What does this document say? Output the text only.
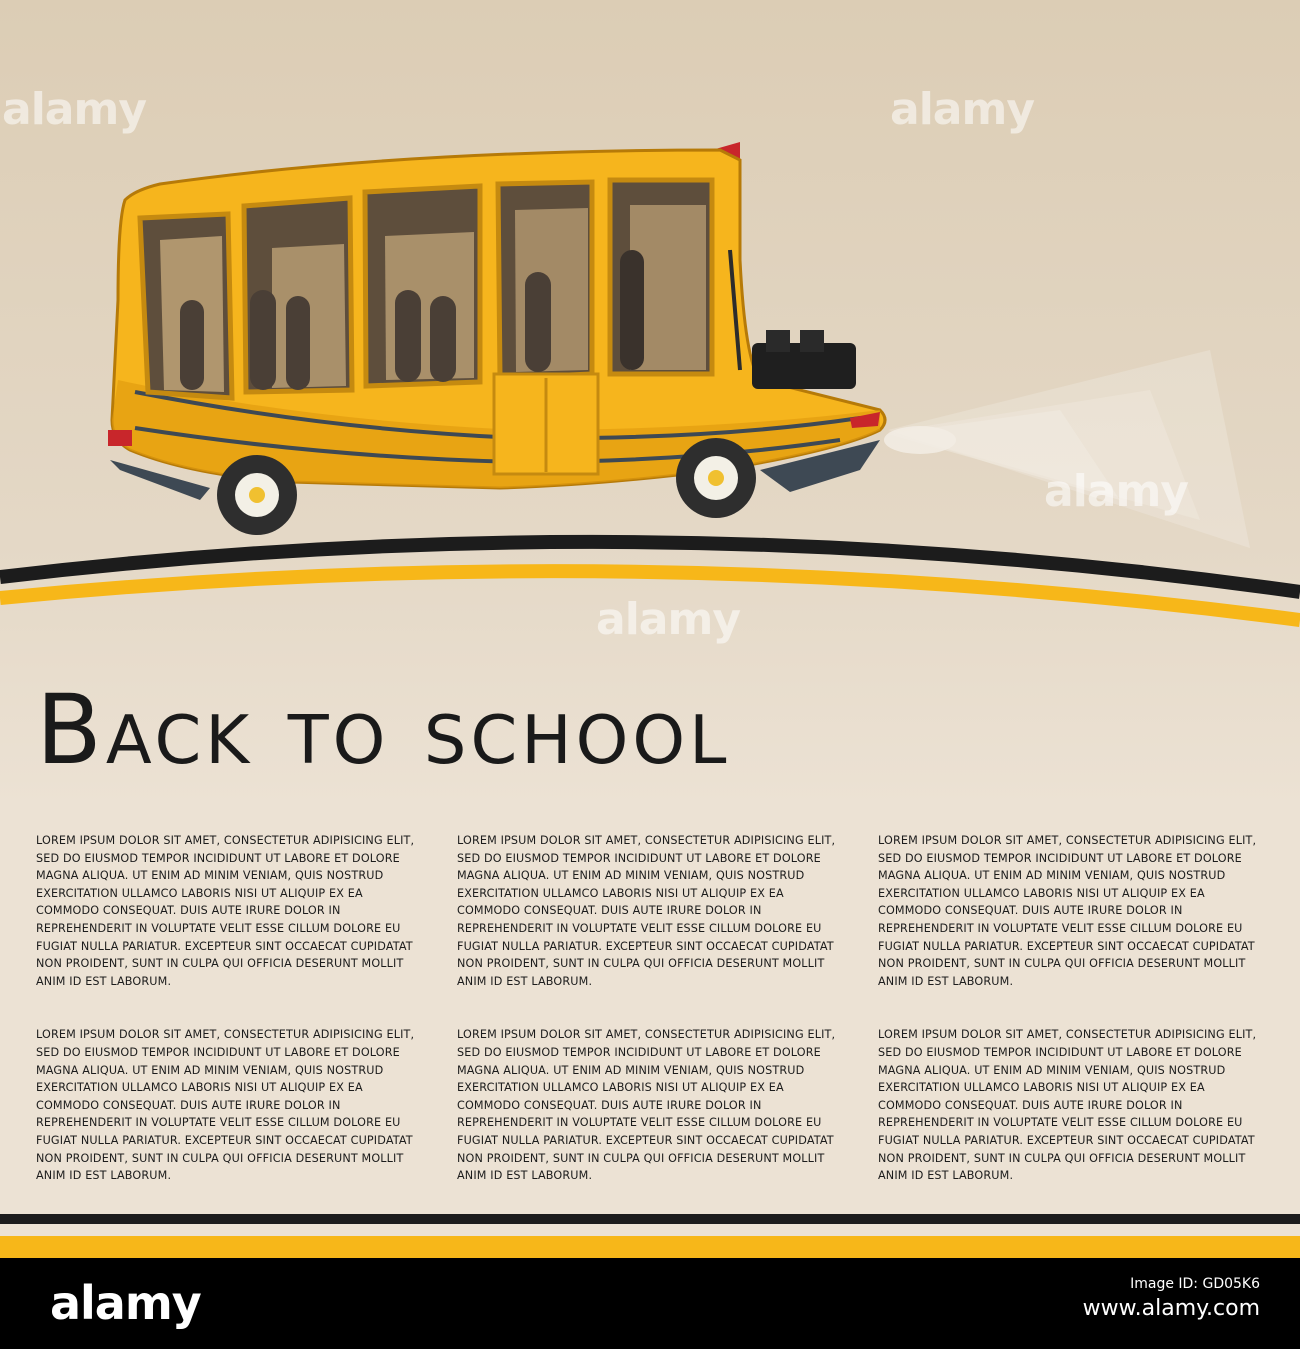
alamy	alamy
alamy
alamy
Back to school

LOREM IPSUM DOLOR SIT AMET, CONSECTETUR ADIPISICING ELIT, SED DO EIUSMOD TEMPOR INCIDIDUNT UT LABORE ET DOLORE MAGNA ALIQUA. UT ENIM AD MINIM VENIAM, QUIS NOSTRUD EXERCITATION ULLAMCO LABORIS NISI UT ALIQUIP EX EA COMMODO CONSEQUAT. DUIS AUTE IRURE DOLOR IN REPREHENDERIT IN VOLUPTATE VELIT ESSE CILLUM DOLORE EU FUGIAT NULLA PARIATUR. EXCEPTEUR SINT OCCAECAT CUPIDATAT NON PROIDENT, SUNT IN CULPA QUI OFFICIA DESERUNT MOLLIT ANIM ID EST LABORUM.

LOREM IPSUM DOLOR SIT AMET, CONSECTETUR ADIPISICING ELIT, SED DO EIUSMOD TEMPOR INCIDIDUNT UT LABORE ET DOLORE MAGNA ALIQUA. UT ENIM AD MINIM VENIAM, QUIS NOSTRUD EXERCITATION ULLAMCO LABORIS NISI UT ALIQUIP EX EA COMMODO CONSEQUAT. DUIS AUTE IRURE DOLOR IN REPREHENDERIT IN VOLUPTATE VELIT ESSE CILLUM DOLORE EU FUGIAT NULLA PARIATUR. EXCEPTEUR SINT OCCAECAT CUPIDATAT NON PROIDENT, SUNT IN CULPA QUI OFFICIA DESERUNT MOLLIT ANIM ID EST LABORUM.

LOREM IPSUM DOLOR SIT AMET, CONSECTETUR ADIPISICING ELIT, SED DO EIUSMOD TEMPOR INCIDIDUNT UT LABORE ET DOLORE MAGNA ALIQUA. UT ENIM AD MINIM VENIAM, QUIS NOSTRUD EXERCITATION ULLAMCO LABORIS NISI UT ALIQUIP EX EA COMMODO CONSEQUAT. DUIS AUTE IRURE DOLOR IN REPREHENDERIT IN VOLUPTATE VELIT ESSE CILLUM DOLORE EU FUGIAT NULLA PARIATUR. EXCEPTEUR SINT OCCAECAT CUPIDATAT NON PROIDENT, SUNT IN CULPA QUI OFFICIA DESERUNT MOLLIT ANIM ID EST LABORUM.

LOREM IPSUM DOLOR SIT AMET, CONSECTETUR ADIPISICING ELIT, SED DO EIUSMOD TEMPOR INCIDIDUNT UT LABORE ET DOLORE MAGNA ALIQUA. UT ENIM AD MINIM VENIAM, QUIS NOSTRUD EXERCITATION ULLAMCO LABORIS NISI UT ALIQUIP EX EA COMMODO CONSEQUAT. DUIS AUTE IRURE DOLOR IN REPREHENDERIT IN VOLUPTATE VELIT ESSE CILLUM DOLORE EU FUGIAT NULLA PARIATUR. EXCEPTEUR SINT OCCAECAT CUPIDATAT NON PROIDENT, SUNT IN CULPA QUI OFFICIA DESERUNT MOLLIT ANIM ID EST LABORUM.

LOREM IPSUM DOLOR SIT AMET, CONSECTETUR ADIPISICING ELIT, SED DO EIUSMOD TEMPOR INCIDIDUNT UT LABORE ET DOLORE MAGNA ALIQUA. UT ENIM AD MINIM VENIAM, QUIS NOSTRUD EXERCITATION ULLAMCO LABORIS NISI UT ALIQUIP EX EA COMMODO CONSEQUAT. DUIS AUTE IRURE DOLOR IN REPREHENDERIT IN VOLUPTATE VELIT ESSE CILLUM DOLORE EU FUGIAT NULLA PARIATUR. EXCEPTEUR SINT OCCAECAT CUPIDATAT NON PROIDENT, SUNT IN CULPA QUI OFFICIA DESERUNT MOLLIT ANIM ID EST LABORUM.

LOREM IPSUM DOLOR SIT AMET, CONSECTETUR ADIPISICING ELIT, SED DO EIUSMOD TEMPOR INCIDIDUNT UT LABORE ET DOLORE MAGNA ALIQUA. UT ENIM AD MINIM VENIAM, QUIS NOSTRUD EXERCITATION ULLAMCO LABORIS NISI UT ALIQUIP EX EA COMMODO CONSEQUAT. DUIS AUTE IRURE DOLOR IN REPREHENDERIT IN VOLUPTATE VELIT ESSE CILLUM DOLORE EU FUGIAT NULLA PARIATUR. EXCEPTEUR SINT OCCAECAT CUPIDATAT NON PROIDENT, SUNT IN CULPA QUI OFFICIA DESERUNT MOLLIT ANIM ID EST LABORUM.

alamy	Image ID: GD05K6
www.alamy.com
